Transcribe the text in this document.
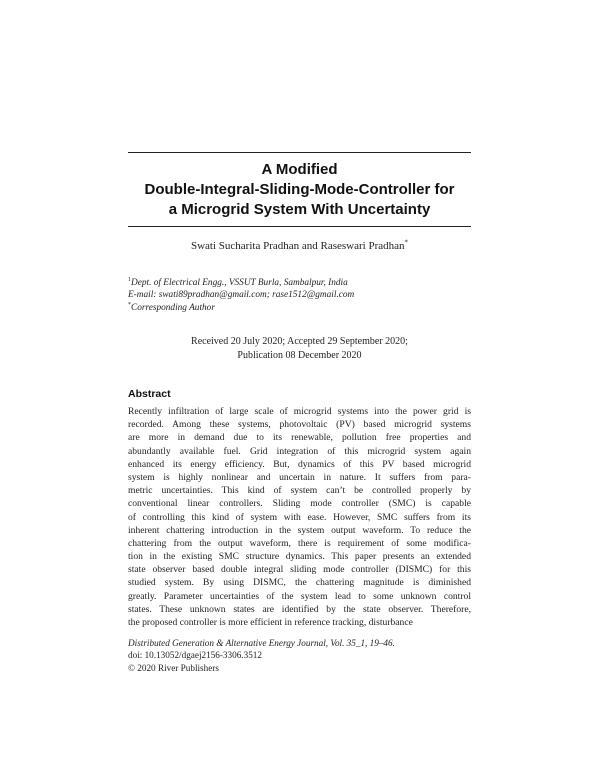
A Modified
Double-Integral-Sliding-Mode-Controller for
a Microgrid System With Uncertainty
Swati Sucharita Pradhan and Raseswari Pradhan*
$^1$Dept. of Electrical Engg., VSSUT Burla, Sambalpur, India
E-mail: swati89pradhan@gmail.com; rase1512@gmail.com
*Corresponding Author
Received 20 July 2020; Accepted 29 September 2020;
Publication 08 December 2020
Abstract
Recently infiltration of large scale of microgrid systems into the power grid is
recorded. Among these systems, photovoltaic (PV) based microgrid systems
are more in demand due to its renewable, pollution free properties and
abundantly available fuel. Grid integration of this microgrid system again
enhanced its energy efficiency. But, dynamics of this PV based microgrid
system is highly nonlinear and uncertain in nature. It suffers from para-
metric uncertainties. This kind of system can’t be controlled properly by
conventional linear controllers. Sliding mode controller (SMC) is capable
of controlling this kind of system with ease. However, SMC suffers from its
inherent chattering introduction in the system output waveform. To reduce the
chattering from the output waveform, there is requirement of some modifica-
tion in the existing SMC structure dynamics. This paper presents an extended
state observer based double integral sliding mode controller (DISMC) for this
studied system. By using DISMC, the chattering magnitude is diminished
greatly. Parameter uncertainties of the system lead to some unknown control
states. These unknown states are identified by the state observer. Therefore,
the proposed controller is more efficient in reference tracking, disturbance
Distributed Generation & Alternative Energy Journal, Vol. 35_1, 19–46.
doi: 10.13052/dgaej2156-3306.3512
© 2020 River Publishers
